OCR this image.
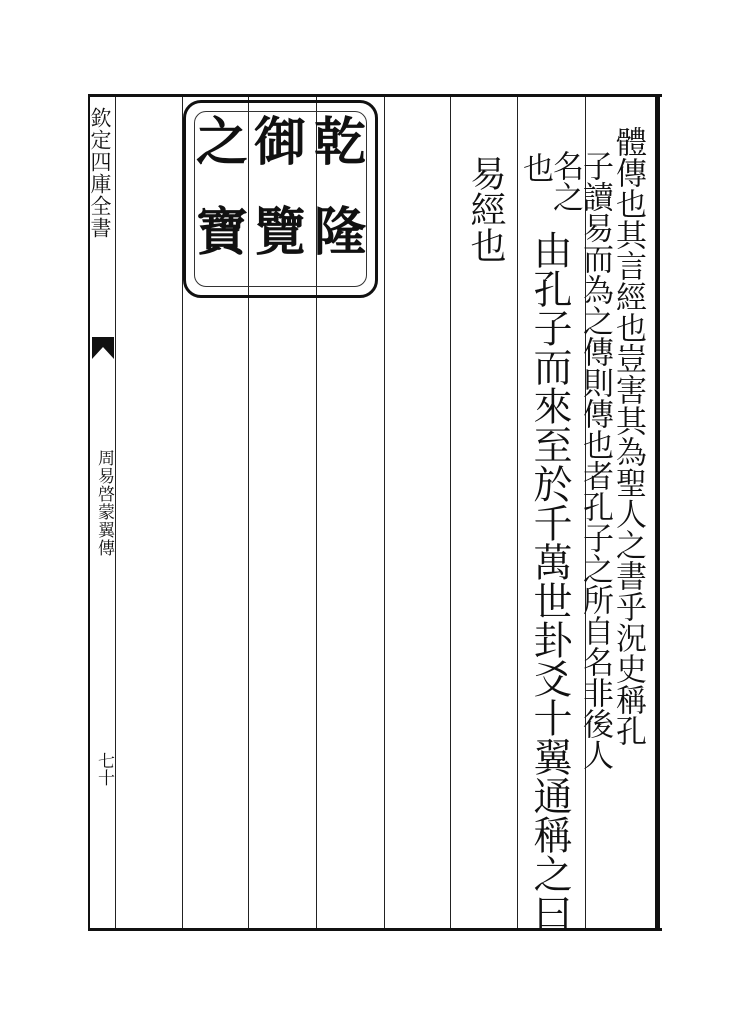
欽定四庫全書
周易啓蒙翼傳
七十
乾
隆
御
覽
之
寶	體傳也其言經也豈害其為聖人之書乎況史稱孔
子讀易而為之傳則傳也者孔子之所自名非後人
名之
由孔子而來至於千萬世卦爻十翼通稱之曰
也
易經也
